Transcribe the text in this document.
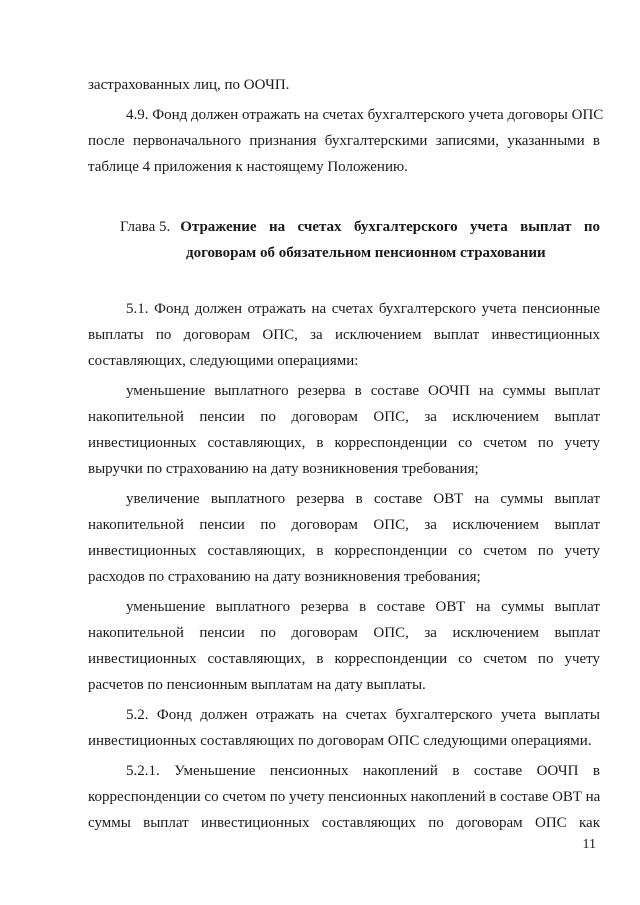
застрахованных лиц, по ООЧП.
4.9. Фонд должен отражать на счетах бухгалтерского учета договоры ОПС
после первоначального признания бухгалтерскими записями, указанными в
таблице 4 приложения к настоящему Положению.
Глава 5. Отражение на счетах бухгалтерского учета выплат по
договорам об обязательном пенсионном страховании
5.1. Фонд должен отражать на счетах бухгалтерского учета пенсионные
выплаты по договорам ОПС, за исключением выплат инвестиционных
составляющих, следующими операциями:
уменьшение выплатного резерва в составе ООЧП на суммы выплат
накопительной пенсии по договорам ОПС, за исключением выплат
инвестиционных составляющих, в корреспонденции со счетом по учету
выручки по страхованию на дату возникновения требования;
увеличение выплатного резерва в составе ОВТ на суммы выплат
накопительной пенсии по договорам ОПС, за исключением выплат
инвестиционных составляющих, в корреспонденции со счетом по учету
расходов по страхованию на дату возникновения требования;
уменьшение выплатного резерва в составе ОВТ на суммы выплат
накопительной пенсии по договорам ОПС, за исключением выплат
инвестиционных составляющих, в корреспонденции со счетом по учету
расчетов по пенсионным выплатам на дату выплаты.
5.2. Фонд должен отражать на счетах бухгалтерского учета выплаты
инвестиционных составляющих по договорам ОПС следующими операциями.
5.2.1. Уменьшение пенсионных накоплений в составе ООЧП в
корреспонденции со счетом по учету пенсионных накоплений в составе ОВТ на
суммы выплат инвестиционных составляющих по договорам ОПС как
11
